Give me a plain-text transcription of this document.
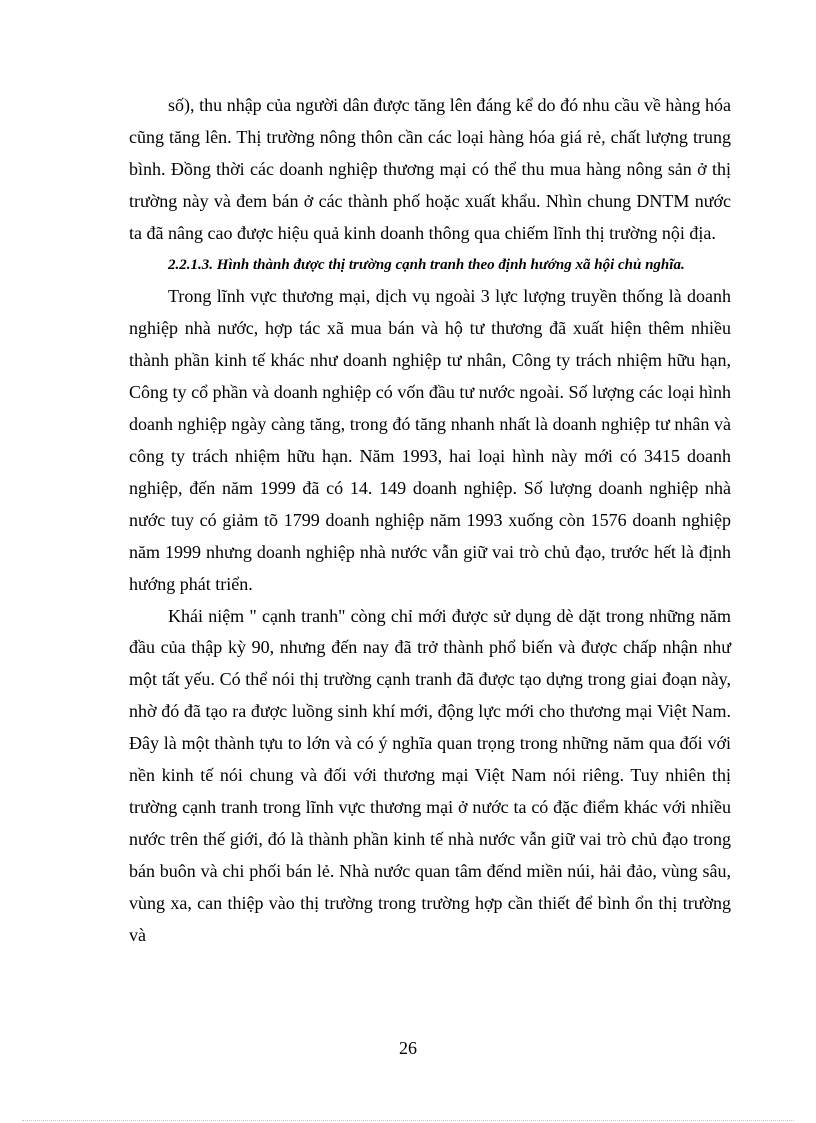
số), thu nhập của người dân được tăng lên đáng kể do đó nhu cầu về hàng hóa cũng tăng lên. Thị trường nông thôn cần các loại hàng hóa giá rẻ, chất lượng trung bình. Đồng thời các doanh nghiệp thương mại có thể thu mua hàng nông sản ở thị trường này và đem bán ở các thành phố hoặc xuất khẩu. Nhìn chung DNTM nước ta đã nâng cao được hiệu quả kinh doanh thông qua chiếm lĩnh thị trường nội địa.

2.2.1.3. Hình thành được thị trường cạnh tranh theo định hướng xã hội chủ nghĩa.

Trong lĩnh vực thương mại, dịch vụ ngoài 3 lực lượng truyền thống là doanh nghiệp nhà nước, hợp tác xã mua bán và hộ tư thương đã xuất hiện thêm nhiều thành phần kinh tế khác như doanh nghiệp tư nhân, Công ty trách nhiệm hữu hạn, Công ty cổ phần và doanh nghiệp có vốn đầu tư nước ngoài. Số lượng các loại hình doanh nghiệp ngày càng tăng, trong đó tăng nhanh nhất là doanh nghiệp tư nhân và công ty trách nhiệm hữu hạn. Năm 1993, hai loại hình này mới có 3415 doanh nghiệp, đến năm 1999 đã có 14. 149 doanh nghiệp. Số lượng doanh nghiệp nhà nước tuy có giảm tõ 1799 doanh nghiệp năm 1993 xuống còn 1576 doanh nghiệp năm 1999 nhưng doanh nghiệp nhà nước vẫn giữ vai trò chủ đạo, trước hết là định hướng phát triển.

Khái niệm " cạnh tranh" còng chỉ mới được sử dụng dè dặt trong những năm đầu của thập kỳ 90, nhưng đến nay đã trở thành phổ biến và được chấp nhận như một tất yếu. Có thể nói thị trường cạnh tranh đã được tạo dựng trong giai đoạn này, nhờ đó đã tạo ra được luồng sinh khí mới, động lực mới cho thương mại Việt Nam. Đây là một thành tựu to lớn và có ý nghĩa quan trọng trong những năm qua đối với nền kinh tế nói chung và đối với thương mại Việt Nam nói riêng. Tuy nhiên thị trường cạnh tranh trong lĩnh vực thương mại ở nước ta có đặc điểm khác với nhiều nước trên thế giới, đó là thành phần kinh tế nhà nước vẫn giữ vai trò chủ đạo trong bán buôn và chi phối bán lẻ. Nhà nước quan tâm đếnd miền núi, hải đảo, vùng sâu, vùng xa, can thiệp vào thị trường trong trường hợp cần thiết để bình ổn thị trường và

26
